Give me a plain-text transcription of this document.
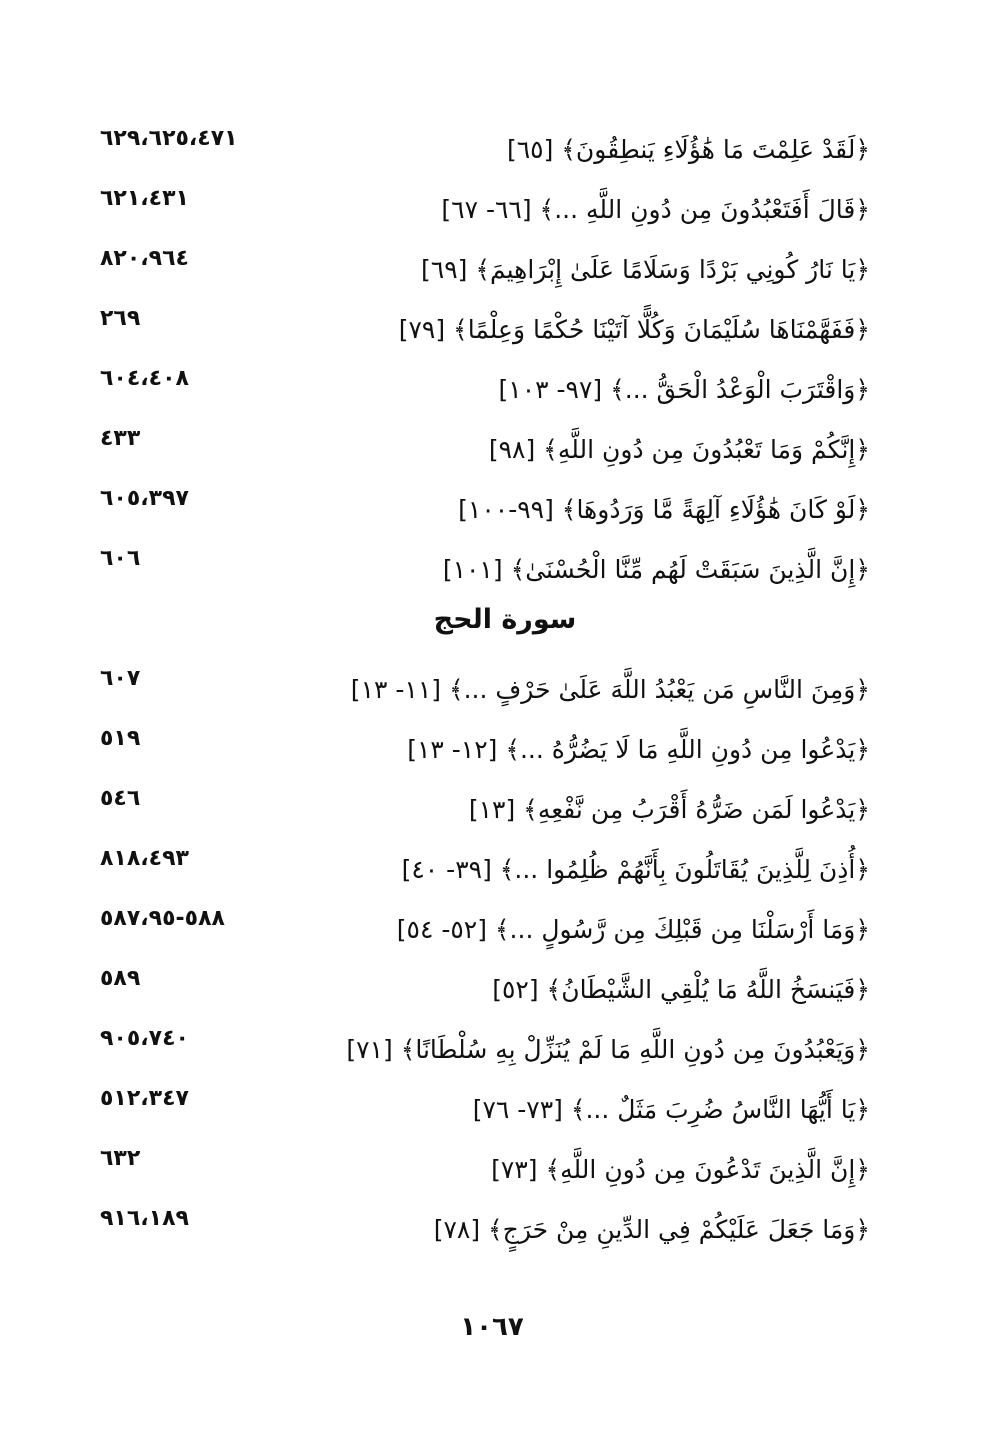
﴿لَقَدْ عَلِمْتَ مَا هَٰؤُلَاءِ يَنطِقُونَ﴾ [٦٥]
٦٢٩،٦٢٥،٤٧١
﴿قَالَ أَفَتَعْبُدُونَ مِن دُونِ اللَّهِ ...﴾ [٦٦- ٦٧]
٦٢١،٤٣١
﴿يَا نَارُ كُونِي بَرْدًا وَسَلَامًا عَلَىٰ إِبْرَاهِيمَ﴾ [٦٩]
٨٢٠،٩٦٤
﴿فَفَهَّمْنَاهَا سُلَيْمَانَ وَكُلًّا آتَيْنَا حُكْمًا وَعِلْمًا﴾ [٧٩]
٢٦٩
﴿وَاقْتَرَبَ الْوَعْدُ الْحَقُّ ...﴾ [٩٧- ١٠٣]
٦٠٤،٤٠٨
﴿إِنَّكُمْ وَمَا تَعْبُدُونَ مِن دُونِ اللَّهِ﴾ [٩٨]
٤٣٣
﴿لَوْ كَانَ هَٰؤُلَاءِ آلِهَةً مَّا وَرَدُوهَا﴾ [٩٩-١٠٠]
٦٠٥،٣٩٧
﴿إِنَّ الَّذِينَ سَبَقَتْ لَهُم مِّنَّا الْحُسْنَىٰ﴾ [١٠١]
٦٠٦
سورة الحج
﴿وَمِنَ النَّاسِ مَن يَعْبُدُ اللَّهَ عَلَىٰ حَرْفٍ ...﴾ [١١- ١٣]
٦٠٧
﴿يَدْعُوا مِن دُونِ اللَّهِ مَا لَا يَضُرُّهُ ...﴾ [١٢- ١٣]
٥١٩
﴿يَدْعُوا لَمَن ضَرُّهُ أَقْرَبُ مِن نَّفْعِهِ﴾ [١٣]
٥٤٦
﴿أُذِنَ لِلَّذِينَ يُقَاتَلُونَ بِأَنَّهُمْ ظُلِمُوا ...﴾ [٣٩- ٤٠]
٨١٨،٤٩٣
﴿وَمَا أَرْسَلْنَا مِن قَبْلِكَ مِن رَّسُولٍ ...﴾ [٥٢- ٥٤]
٥٨٨-٥٨٧،٩٥
﴿فَيَنسَخُ اللَّهُ مَا يُلْقِي الشَّيْطَانُ﴾ [٥٢]
٥٨٩
﴿وَيَعْبُدُونَ مِن دُونِ اللَّهِ مَا لَمْ يُنَزِّلْ بِهِ سُلْطَانًا﴾ [٧١]
٩٠٥،٧٤٠
﴿يَا أَيُّهَا النَّاسُ ضُرِبَ مَثَلٌ ...﴾ [٧٣- ٧٦]
٥١٢،٣٤٧
﴿إِنَّ الَّذِينَ تَدْعُونَ مِن دُونِ اللَّهِ﴾ [٧٣]
٦٣٢
﴿وَمَا جَعَلَ عَلَيْكُمْ فِي الدِّينِ مِنْ حَرَجٍ﴾ [٧٨]
٩١٦،١٨٩
١٠٦٧
